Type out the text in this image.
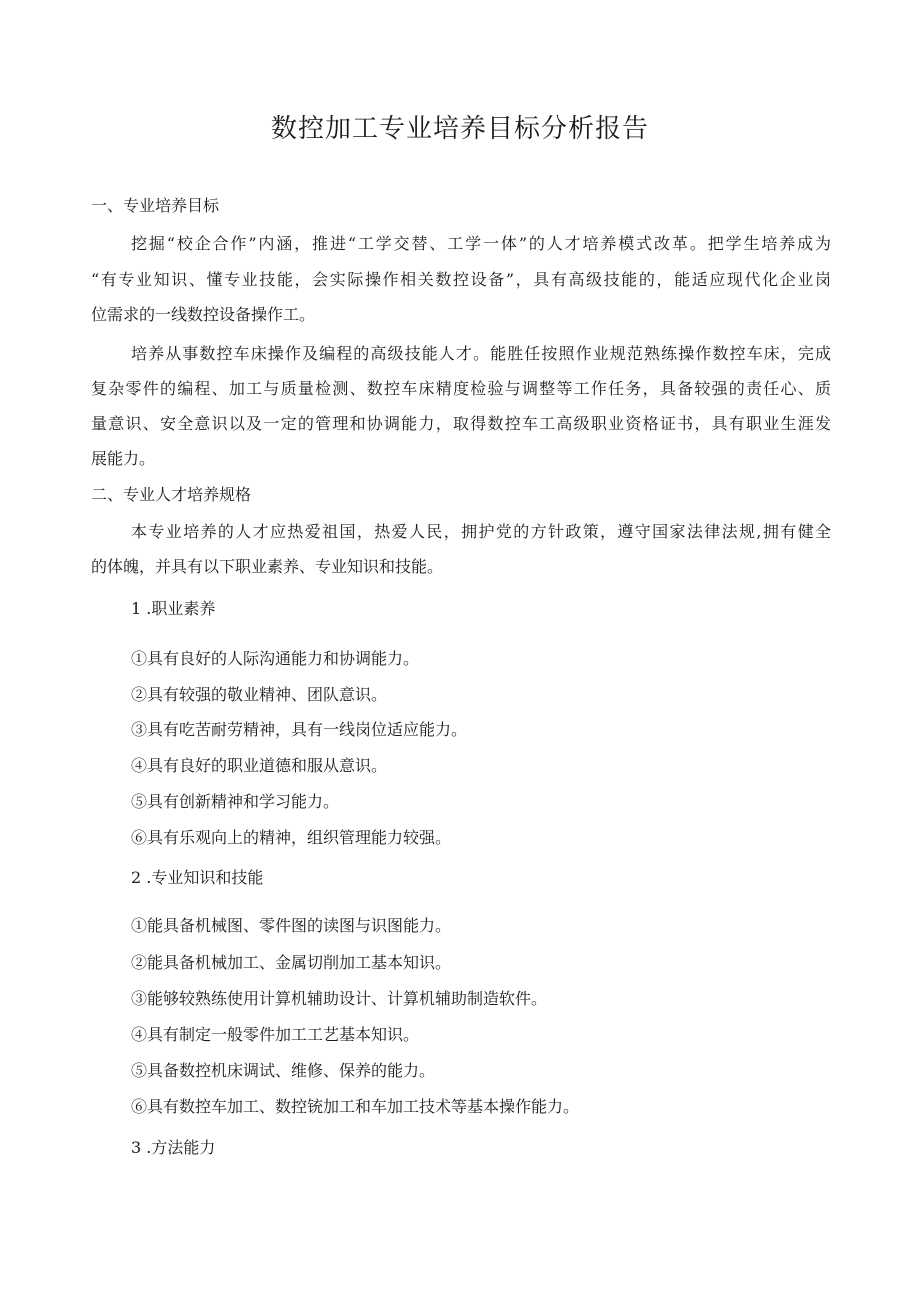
数控加工专业培养目标分析报告

一、专业培养目标

挖掘“校企合作”内涵，推进“工学交替、工学一体”的人才培养模式改革。把学生培养成为

“有专业知识、懂专业技能，会实际操作相关数控设备”，具有高级技能的，能适应现代化企业岗

位需求的一线数控设备操作工。

培养从事数控车床操作及编程的高级技能人才。能胜任按照作业规范熟练操作数控车床，完成

复杂零件的编程、加工与质量检测、数控车床精度检验与调整等工作任务，具备较强的责任心、质

量意识、安全意识以及一定的管理和协调能力，取得数控车工高级职业资格证书，具有职业生涯发

展能力。

二、专业人才培养规格

本专业培养的人才应热爱祖国，热爱人民，拥护党的方针政策，遵守国家法律法规,拥有健全

的体魄，并具有以下职业素养、专业知识和技能。

1 .职业素养

①具有良好的人际沟通能力和协调能力。

②具有较强的敬业精神、团队意识。

③具有吃苦耐劳精神，具有一线岗位适应能力。

④具有良好的职业道德和服从意识。

⑤具有创新精神和学习能力。

⑥具有乐观向上的精神，组织管理能力较强。

2 .专业知识和技能

①能具备机械图、零件图的读图与识图能力。

②能具备机械加工、金属切削加工基本知识。

③能够较熟练使用计算机辅助设计、计算机辅助制造软件。

④具有制定一般零件加工工艺基本知识。

⑤具备数控机床调试、维修、保养的能力。

⑥具有数控车加工、数控铳加工和车加工技术等基本操作能力。

3 .方法能力
